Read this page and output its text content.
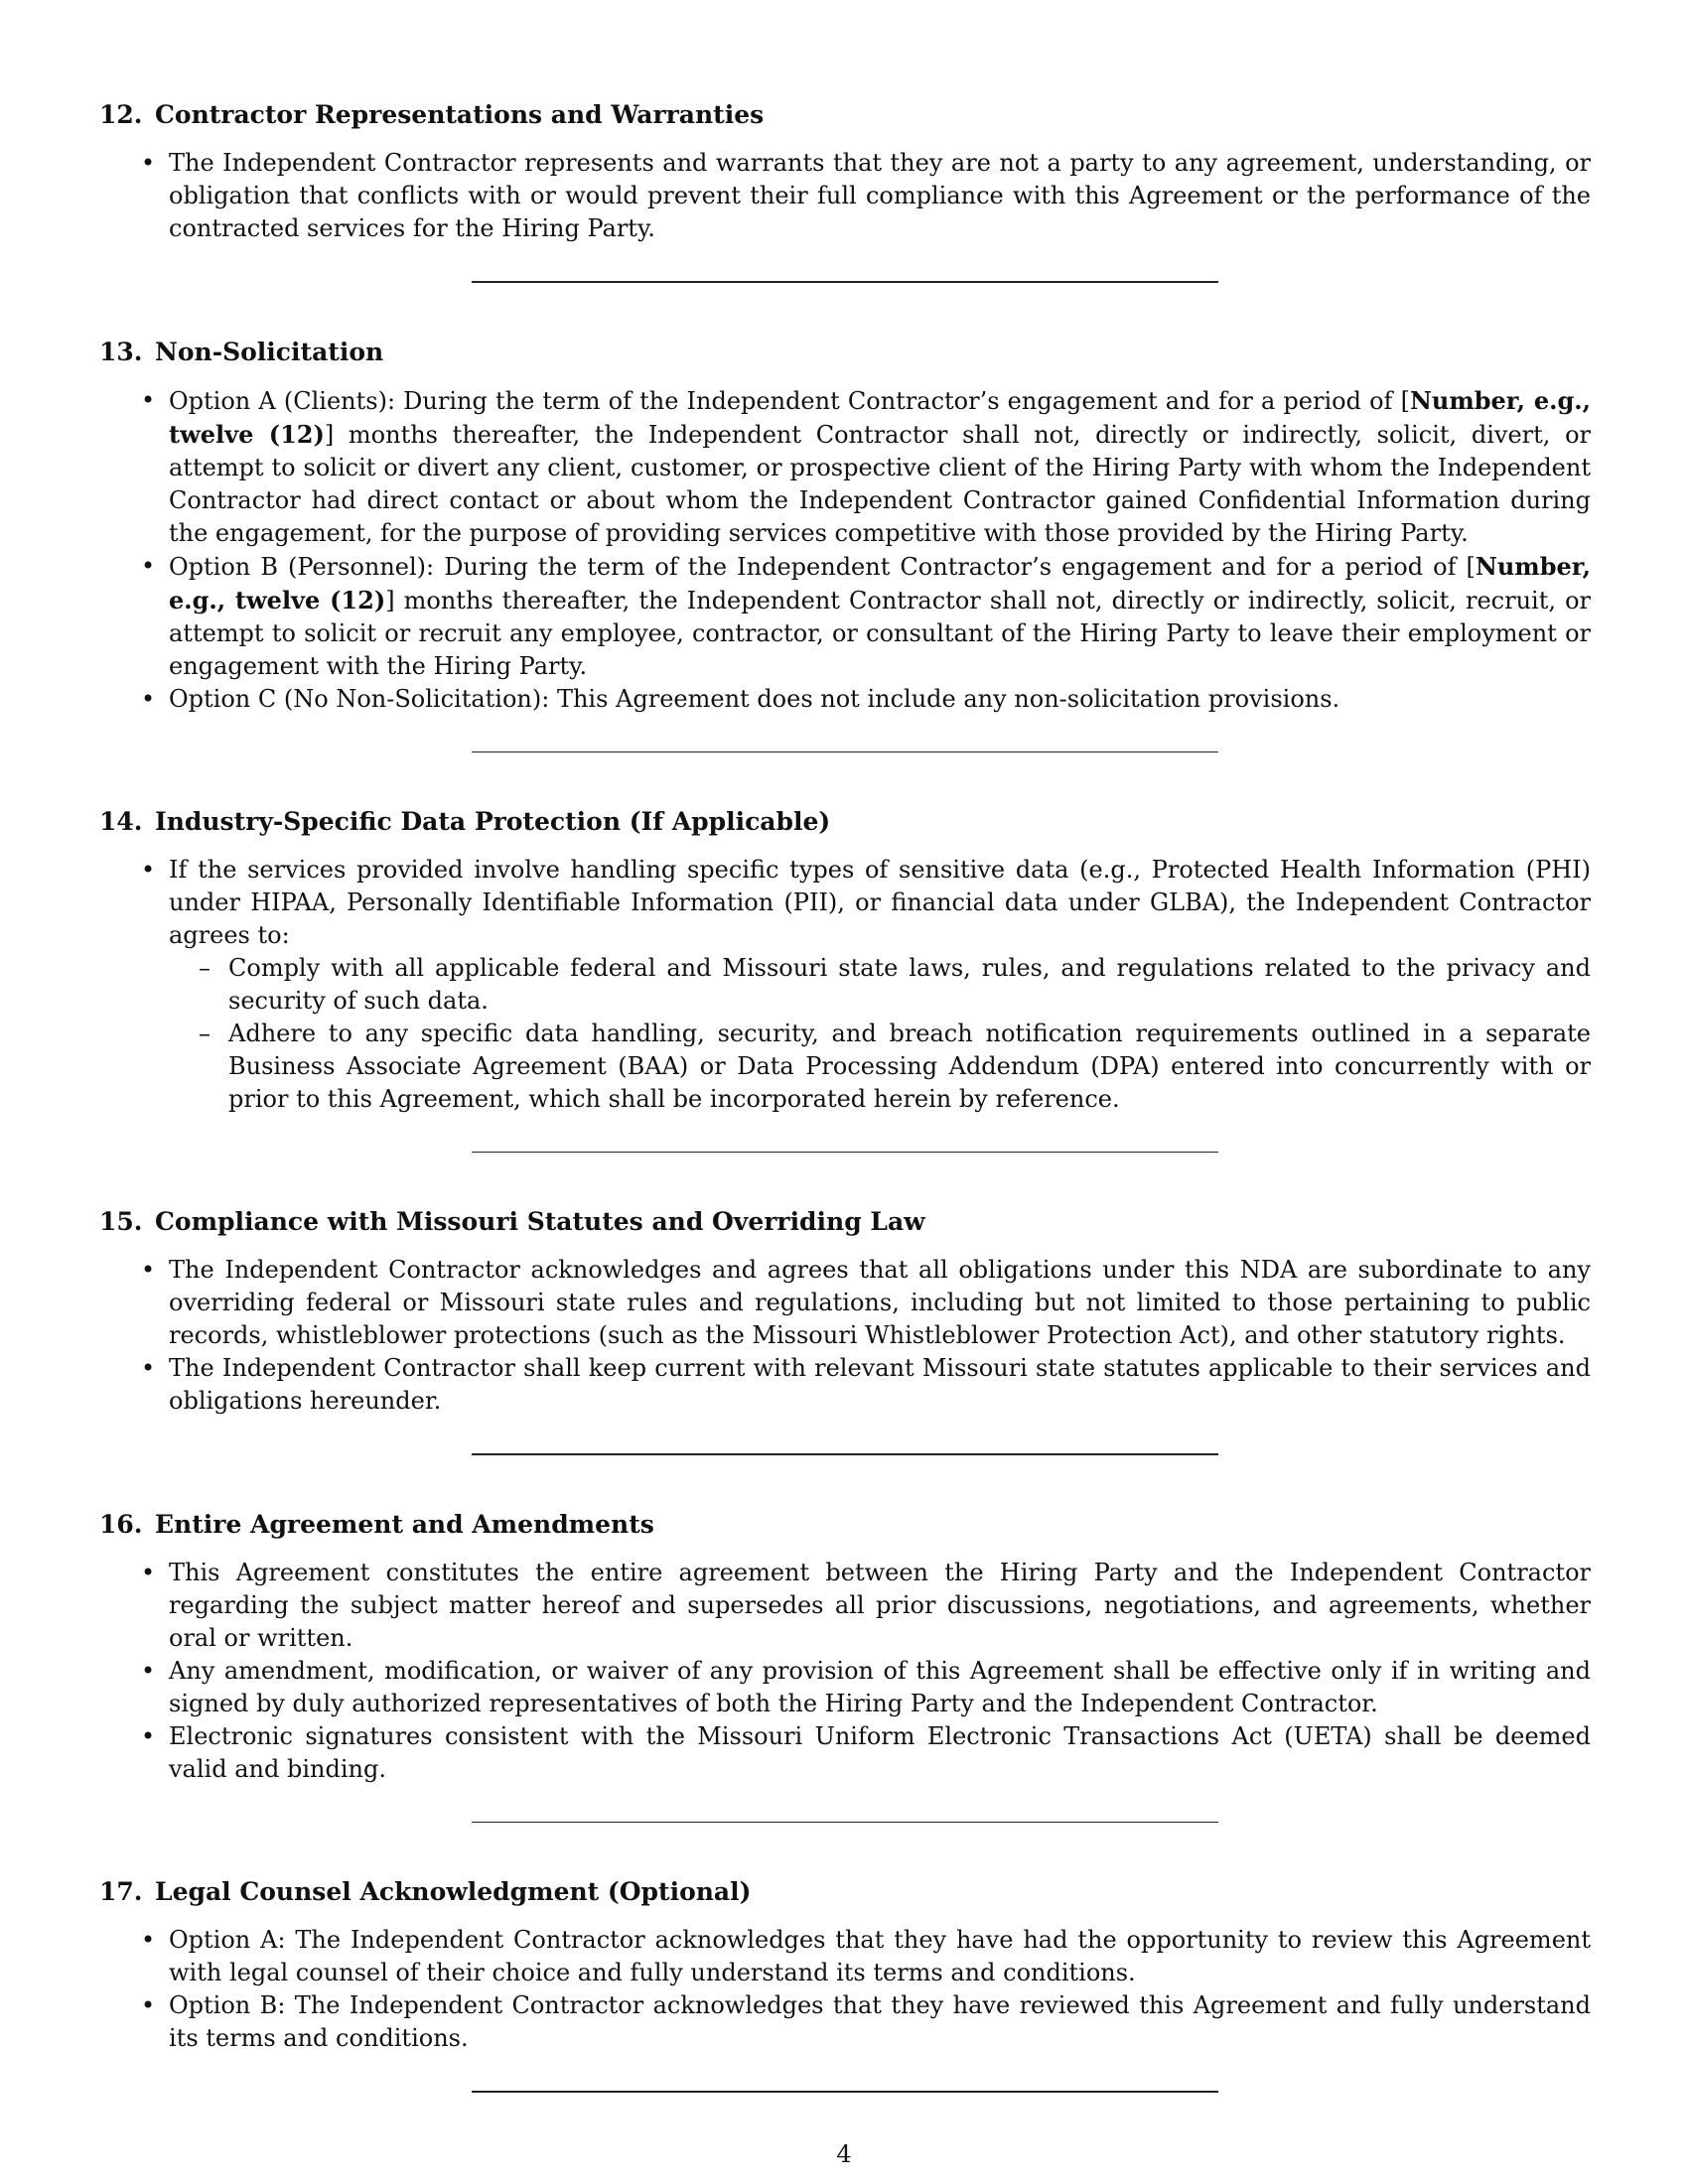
12. Contractor Representations and Warranties
• The Independent Contractor represents and warrants that they are not a party to any agreement, understanding, or obligation that conflicts with or would prevent their full compliance with this Agreement or the performance of the contracted services for the Hiring Party.
13. Non-Solicitation
• Option A (Clients): During the term of the Independent Contractor’s engagement and for a period of [Number, e.g., twelve (12)] months thereafter, the Independent Contractor shall not, directly or indirectly, solicit, divert, or attempt to solicit or divert any client, customer, or prospective client of the Hiring Party with whom the Independent Contractor had direct contact or about whom the Independent Contractor gained Confidential Information during the engagement, for the purpose of providing services competitive with those provided by the Hiring Party.
• Option B (Personnel): During the term of the Independent Contractor’s engagement and for a period of [Number, e.g., twelve (12)] months thereafter, the Independent Contractor shall not, directly or indirectly, solicit, recruit, or attempt to solicit or recruit any employee, contractor, or consultant of the Hiring Party to leave their employment or engagement with the Hiring Party.
• Option C (No Non-Solicitation): This Agreement does not include any non-solicitation provisions.
14. Industry-Specific Data Protection (If Applicable)
• If the services provided involve handling specific types of sensitive data (e.g., Protected Health Information (PHI) under HIPAA, Personally Identifiable Information (PII), or financial data under GLBA), the Independent Contractor agrees to:
– Comply with all applicable federal and Missouri state laws, rules, and regulations related to the privacy and security of such data.
– Adhere to any specific data handling, security, and breach notification requirements outlined in a separate Business Associate Agreement (BAA) or Data Processing Addendum (DPA) entered into concurrently with or prior to this Agreement, which shall be incorporated herein by reference.
15. Compliance with Missouri Statutes and Overriding Law
• The Independent Contractor acknowledges and agrees that all obligations under this NDA are subordinate to any overriding federal or Missouri state rules and regulations, including but not limited to those pertaining to public records, whistleblower protections (such as the Missouri Whistleblower Protection Act), and other statutory rights.
• The Independent Contractor shall keep current with relevant Missouri state statutes applicable to their services and obligations hereunder.
16. Entire Agreement and Amendments
• This Agreement constitutes the entire agreement between the Hiring Party and the Independent Contractor regarding the subject matter hereof and supersedes all prior discussions, negotiations, and agreements, whether oral or written.
• Any amendment, modification, or waiver of any provision of this Agreement shall be effective only if in writing and signed by duly authorized representatives of both the Hiring Party and the Independent Contractor.
• Electronic signatures consistent with the Missouri Uniform Electronic Transactions Act (UETA) shall be deemed valid and binding.
17. Legal Counsel Acknowledgment (Optional)
• Option A: The Independent Contractor acknowledges that they have had the opportunity to review this Agreement with legal counsel of their choice and fully understand its terms and conditions.
• Option B: The Independent Contractor acknowledges that they have reviewed this Agreement and fully understand its terms and conditions.
4
